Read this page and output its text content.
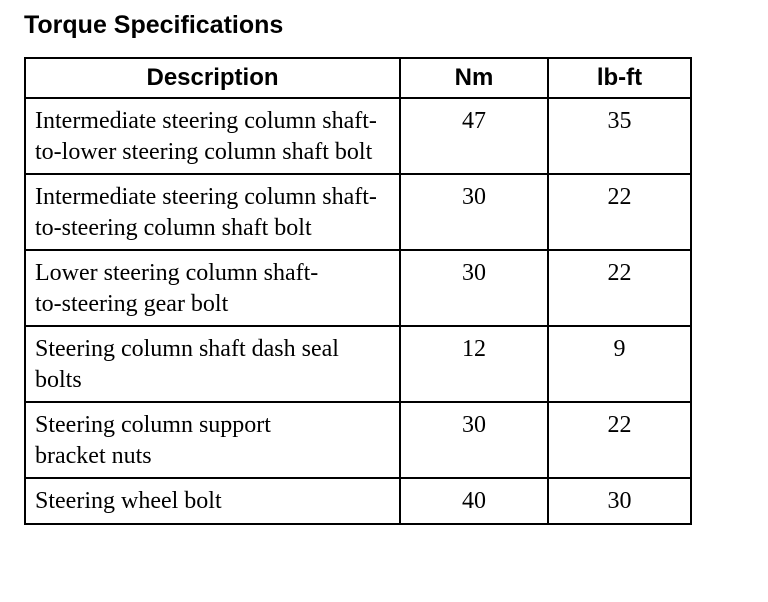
Torque Specifications
Description	Nm	lb-ft

Intermediate steering column shaft-to-lower steering column shaft bolt	47	35

Intermediate steering column shaft-to-steering column shaft bolt	30	22

Lower steering column shaft-to-steering gear bolt	30	22

Steering column shaft dash seal bolts	12	9

Steering column support bracket nuts	30	22

Steering wheel bolt	40	30
